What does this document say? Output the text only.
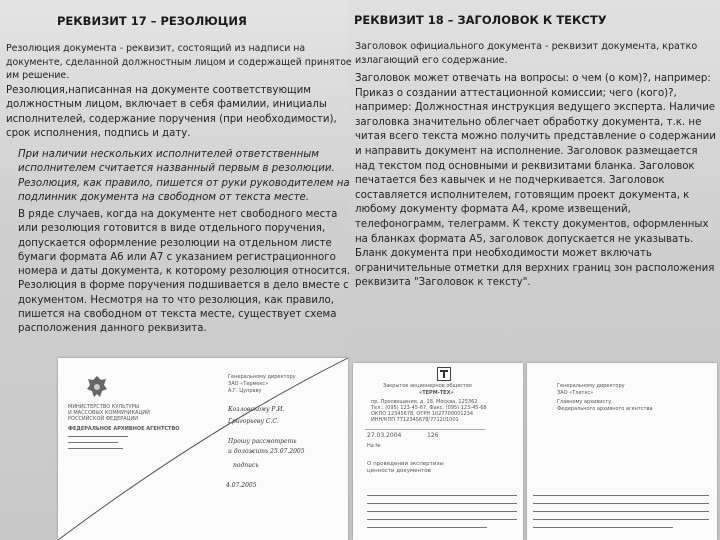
РЕКВИЗИТ 17 – РЕЗОЛЮЦИЯ

Резолюция документа - реквизит, состоящий из надписи на документе, сделанной должностным лицом и содержащей принятое им решение.

Резолюция,написанная на документе соответствующим должностным лицом, включает в себя фамилии, инициалы исполнителей, содержание поручения (при необходимости), срок исполнения, подпись и дату.

При наличии нескольких исполнителей ответственным исполнителем считается названный первым в резолюции. Резолюция, как правило, пишется от руки руководителем на подлинник документа на свободном от текста месте.

В ряде случаев, когда на документе нет свободного места или резолюция готовится в виде отдельного поручения, допускается оформление резолюции на отдельном листе бумаги формата А6 или А7 с указанием регистрационного номера и даты документа, к которому резолюция относится. Резолюция в форме поручения подшивается в дело вместе с документом. Несмотря на то что резолюция, как правило, пишется на свободном от текста месте, существует схема расположения данного реквизита.

МИНИСТЕРСТВО КУЛЬТУРЫ
И МАССОВЫХ КОММУНИКАЦИЙ
РОССИЙСКОЙ ФЕДЕРАЦИИ
ФЕДЕРАЛЬНОЕ АРХИВНОЕ АГЕНТСТВО
Генеральному директору
ЗАО «Термекс»
А.Г. Цуправу
Козловскому Р.И.
Григорьеву С.С.
Прошу рассмотреть
и доложить 25.07.2005
подпись
4.07.2005
РЕКВИЗИТ 18 – ЗАГОЛОВОК К ТЕКСТУ

Заголовок официального документа - реквизит документа, кратко излагающий его содержание.

Заголовок может отвечать на вопросы: о чем (о ком)?, например: Приказ о создании аттестационной комиссии; чего (кого)?, например: Должностная инструкция ведущего эксперта. Наличие заголовка значительно облегчает обработку документа, т.к. не читая всего текста можно получить представление о содержании и направить документ на исполнение. Заголовок размещается над текстом под основными и реквизитами бланка. Заголовок печатается без кавычек и не подчеркивается. Заголовок составляется исполнителем, готовящим проект документа, к любому документу формата А4, кроме извещений, телефонограмм, телеграмм. К тексту документов, оформленных на бланках формата А5, заголовок допускается не указывать. Бланк документа при необходимости может включать ограничительные отметки для верхних границ зон расположения реквизита "Заголовок к тексту".

Закрытое акционерное общество
«ТЕРМ-ТЕХ»
пр. Просвещения, д. 18, Москва, 125362
Тел.: (095) 123-45-67, Факс: (095) 123-45-68
ОКПО 12345678, ОГРН 1027700001234
ИНН/КПП 7712345678/771201001
27.03.2004	126
На №
О проведении экспертизы
ценности документов
Генеральному директору
ЗАО «Тлеткс»
Главному архивисту
Федерального архивного агентства
